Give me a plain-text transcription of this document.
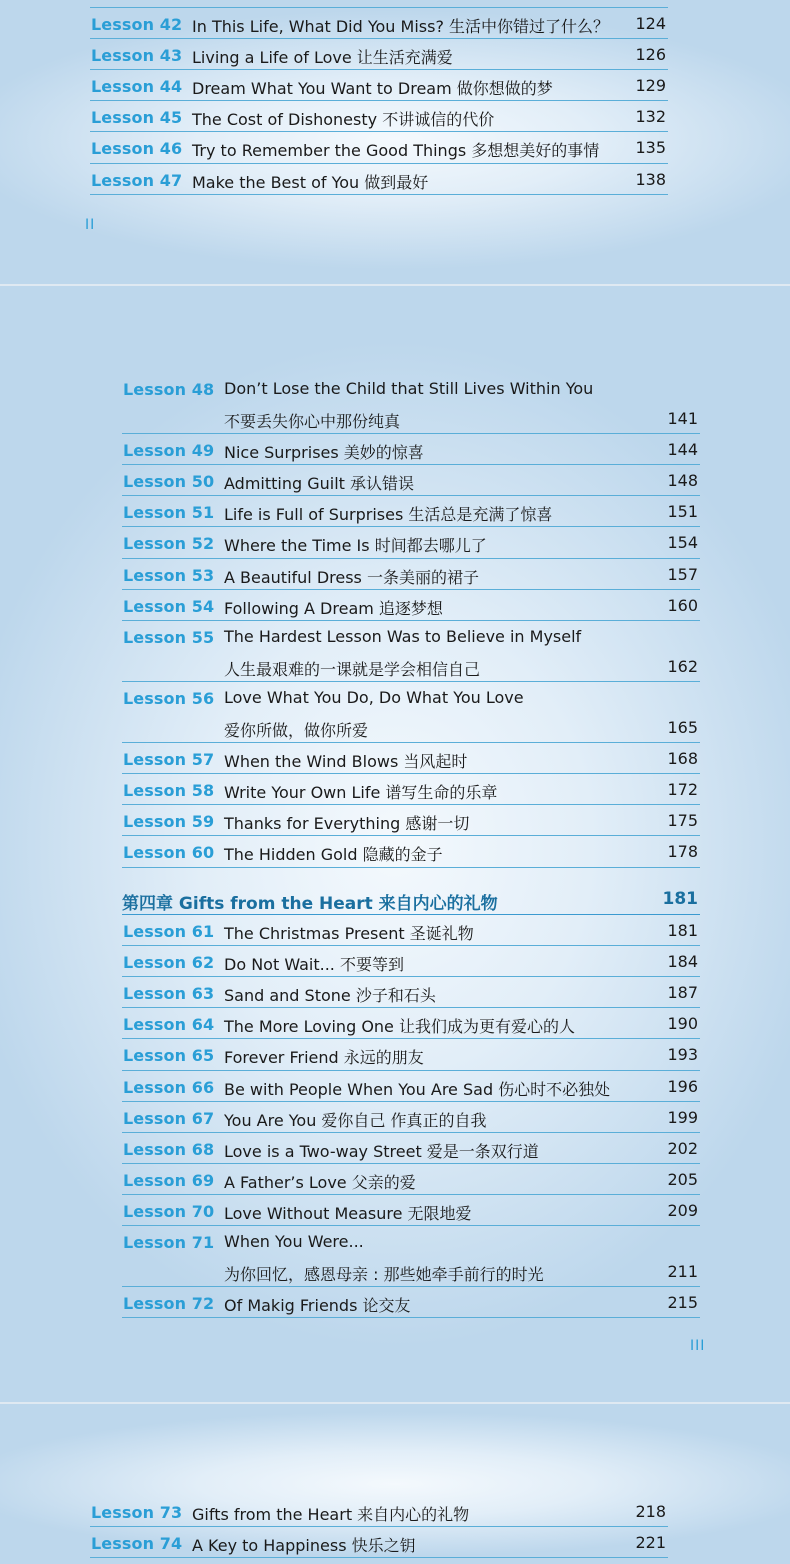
Lesson 42 In This Life, What Did You Miss? 生活中你错过了什么？ 124
Lesson 43 Living a Life of Love 让生活充满爱	126
Lesson 44 Dream What You Want to Dream 做你想做的梦	129
Lesson 45 The Cost of Dishonesty 不讲诚信的代价	132
Lesson 46 Try to Remember the Good Things 多想想美好的事情 135
Lesson 47 Make the Best of You 做到最好	138
II
Lesson 48 Don’t Lose the Child that Still Lives Within You
不要丢失你心中那份纯真	141
Lesson 49 Nice Surprises 美妙的惊喜	144
Lesson 50 Admitting Guilt 承认错误	148
Lesson 51 Life is Full of Surprises 生活总是充满了惊喜	151
Lesson 52 Where the Time Is 时间都去哪儿了	154
Lesson 53 A Beautiful Dress 一条美丽的裙子	157
Lesson 54 Following A Dream 追逐梦想	160
Lesson 55 The Hardest Lesson Was to Believe in Myself
人生最艰难的一课就是学会相信自己	162
Lesson 56 Love What You Do, Do What You Love
爱你所做，做你所爱	165
Lesson 57 When the Wind Blows 当风起时	168
Lesson 58 Write Your Own Life 谱写生命的乐章	172
Lesson 59 Thanks for Everything 感谢一切	175
Lesson 60 The Hidden Gold 隐藏的金子	178
第四章 Gifts from the Heart 来自内心的礼物	181
Lesson 61 The Christmas Present 圣诞礼物	181
Lesson 62 Do Not Wait... 不要等到	184
Lesson 63 Sand and Stone 沙子和石头	187
Lesson 64 The More Loving One 让我们成为更有爱心的人	190
Lesson 65 Forever Friend 永远的朋友	193
Lesson 66 Be with People When You Are Sad 伤心时不必独处	196
Lesson 67 You Are You 爱你自己 作真正的自我	199
Lesson 68 Love is a Two-way Street 爱是一条双行道	202
Lesson 69 A Father’s Love 父亲的爱	205
Lesson 70 Love Without Measure 无限地爱	209
Lesson 71 When You Were...
为你回忆，感恩母亲 : 那些她牵手前行的时光	211
Lesson 72 Of Makig Friends 论交友	215
III
Lesson 73 Gifts from the Heart 来自内心的礼物	218
Lesson 74 A Key to Happiness 快乐之钥	221
